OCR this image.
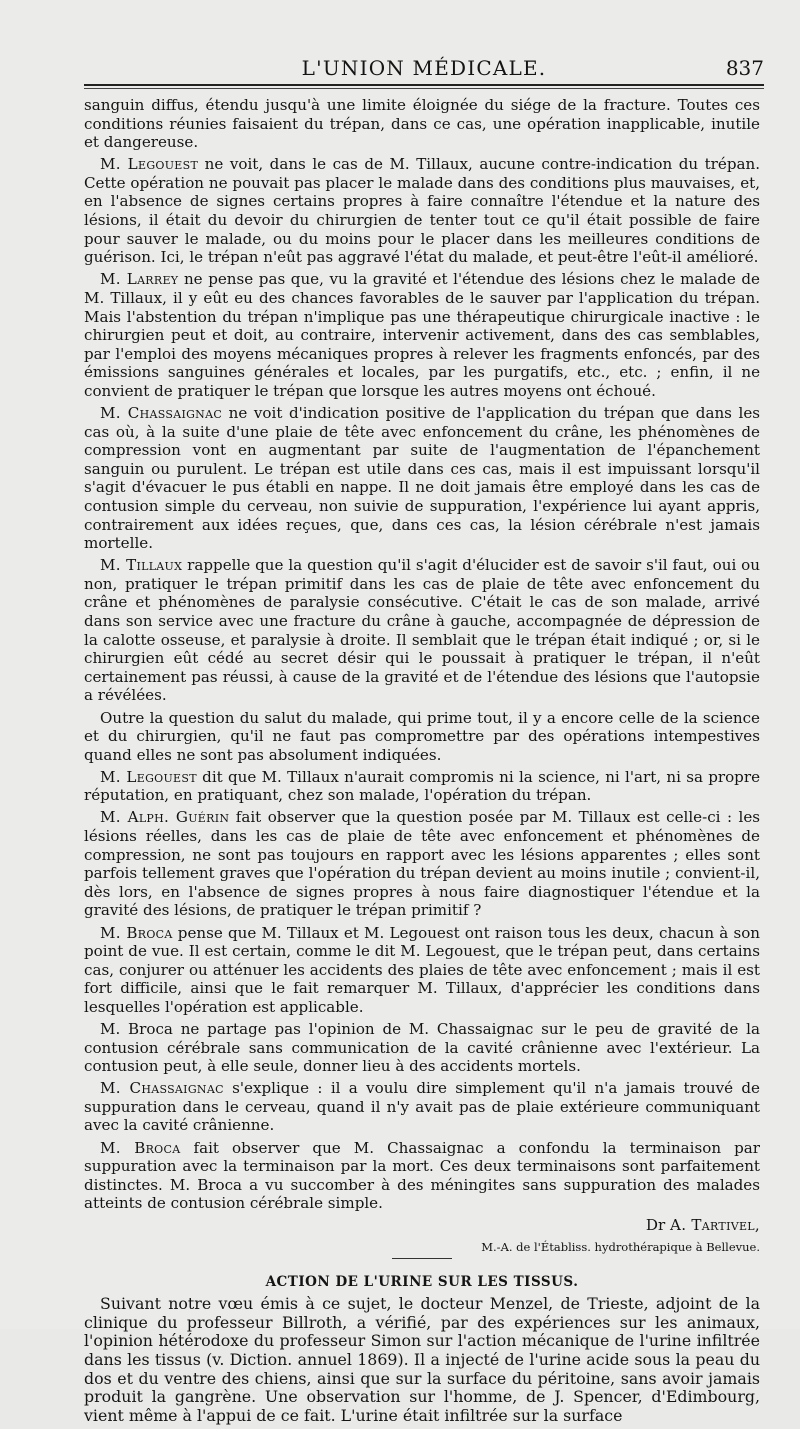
L'UNION MÉDICALE.	837

sanguin diffus, étendu jusqu'à une limite éloignée du siége de la fracture. Toutes ces conditions réunies faisaient du trépan, dans ce cas, une opération inapplicable, inutile et dangereuse.

M. Legouest ne voit, dans le cas de M. Tillaux, aucune contre-indication du trépan. Cette opération ne pouvait pas placer le malade dans des conditions plus mauvaises, et, en l'absence de signes certains propres à faire connaître l'étendue et la nature des lésions, il était du devoir du chirurgien de tenter tout ce qu'il était possible de faire pour sauver le malade, ou du moins pour le placer dans les meilleures conditions de guérison. Ici, le trépan n'eût pas aggravé l'état du malade, et peut-être l'eût-il amélioré.

M. Larrey ne pense pas que, vu la gravité et l'étendue des lésions chez le malade de M. Tillaux, il y eût eu des chances favorables de le sauver par l'application du trépan. Mais l'abstention du trépan n'implique pas une thérapeutique chirurgicale inactive : le chirurgien peut et doit, au contraire, intervenir activement, dans des cas semblables, par l'emploi des moyens mécaniques propres à relever les fragments enfoncés, par des émissions sanguines générales et locales, par les purgatifs, etc., etc. ; enfin, il ne convient de pratiquer le trépan que lorsque les autres moyens ont échoué.

M. Chassaignac ne voit d'indication positive de l'application du trépan que dans les cas où, à la suite d'une plaie de tête avec enfoncement du crâne, les phénomènes de compression vont en augmentant par suite de l'augmentation de l'épanchement sanguin ou purulent. Le trépan est utile dans ces cas, mais il est impuissant lorsqu'il s'agit d'évacuer le pus établi en nappe. Il ne doit jamais être employé dans les cas de contusion simple du cerveau, non suivie de suppuration, l'expérience lui ayant appris, contrairement aux idées reçues, que, dans ces cas, la lésion cérébrale n'est jamais mortelle.

M. Tillaux rappelle que la question qu'il s'agit d'élucider est de savoir s'il faut, oui ou non, pratiquer le trépan primitif dans les cas de plaie de tête avec enfoncement du crâne et phénomènes de paralysie consécutive. C'était le cas de son malade, arrivé dans son service avec une fracture du crâne à gauche, accompagnée de dépression de la calotte osseuse, et paralysie à droite. Il semblait que le trépan était indiqué ; or, si le chirurgien eût cédé au secret désir qui le poussait à pratiquer le trépan, il n'eût certainement pas réussi, à cause de la gravité et de l'étendue des lésions que l'autopsie a révélées.

Outre la question du salut du malade, qui prime tout, il y a encore celle de la science et du chirurgien, qu'il ne faut pas compromettre par des opérations intempestives quand elles ne sont pas absolument indiquées.

M. Legouest dit que M. Tillaux n'aurait compromis ni la science, ni l'art, ni sa propre réputation, en pratiquant, chez son malade, l'opération du trépan.

M. Alph. Guérin fait observer que la question posée par M. Tillaux est celle-ci : les lésions réelles, dans les cas de plaie de tête avec enfoncement et phénomènes de compression, ne sont pas toujours en rapport avec les lésions apparentes ; elles sont parfois tellement graves que l'opération du trépan devient au moins inutile ; convient-il, dès lors, en l'absence de signes propres à nous faire diagnostiquer l'étendue et la gravité des lésions, de pratiquer le trépan primitif ?

M. Broca pense que M. Tillaux et M. Legouest ont raison tous les deux, chacun à son point de vue. Il est certain, comme le dit M. Legouest, que le trépan peut, dans certains cas, conjurer ou atténuer les accidents des plaies de tête avec enfoncement ; mais il est fort difficile, ainsi que le fait remarquer M. Tillaux, d'apprécier les conditions dans lesquelles l'opération est applicable.

M. Broca ne partage pas l'opinion de M. Chassaignac sur le peu de gravité de la contusion cérébrale sans communication de la cavité crânienne avec l'extérieur. La contusion peut, à elle seule, donner lieu à des accidents mortels.

M. Chassaignac s'explique : il a voulu dire simplement qu'il n'a jamais trouvé de suppuration dans le cerveau, quand il n'y avait pas de plaie extérieure communiquant avec la cavité crânienne.

M. Broca fait observer que M. Chassaignac a confondu la terminaison par suppuration avec la terminaison par la mort. Ces deux terminaisons sont parfaitement distinctes. M. Broca a vu succomber à des méningites sans suppuration des malades atteints de contusion cérébrale simple.

Dr A. Tartivel,

M.-A. de l'Établiss. hydrothérapique à Bellevue.

ACTION DE L'URINE SUR LES TISSUS.

Suivant notre vœu émis à ce sujet, le docteur Menzel, de Trieste, adjoint de la clinique du professeur Billroth, a vérifié, par des expériences sur les animaux, l'opinion hétérodoxe du professeur Simon sur l'action mécanique de l'urine infiltrée dans les tissus (v. Diction. annuel 1869). Il a injecté de l'urine acide sous la peau du dos et du ventre des chiens, ainsi que sur la surface du péritoine, sans avoir jamais produit la gangrène. Une observation sur l'homme, de J. Spencer, d'Edimbourg, vient même à l'appui de ce fait. L'urine était infiltrée sur la surface
